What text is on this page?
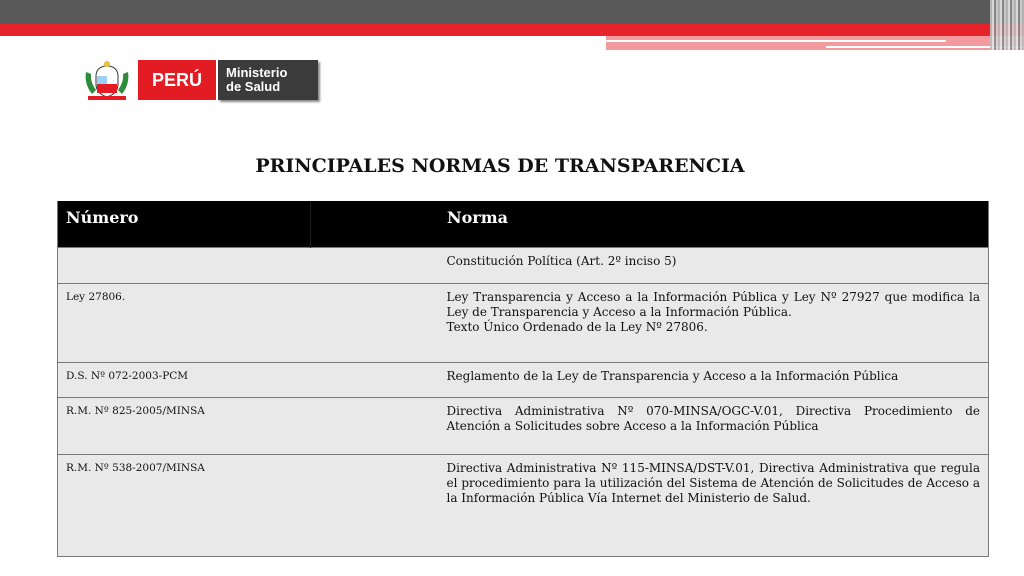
PERÚ	Ministerio
de Salud
PRINCIPALES NORMAS DE TRANSPARENCIA
Número	Norma

	Constitución Política (Art. 2º inciso 5)

Ley 27806.	Ley Transparencia y Acceso a la Información Pública y Ley Nº 27927 que modifica la Ley de Transparencia y Acceso a la Información Pública.
Texto Único Ordenado de la Ley Nº 27806.

D.S. Nº 072-2003-PCM	Reglamento de la Ley de Transparencia y Acceso a la Información Pública

R.M. Nº 825-2005/MINSA	Directiva Administrativa Nº 070-MINSA/OGC-V.01, Directiva Procedimiento de Atención a Solicitudes sobre Acceso a la Información Pública

R.M. Nº 538-2007/MINSA	Directiva Administrativa Nº 115-MINSA/DST-V.01, Directiva Administrativa que regula el procedimiento para la utilización del Sistema de Atención de Solicitudes de Acceso a la Información Pública Vía Internet del Ministerio de Salud.
